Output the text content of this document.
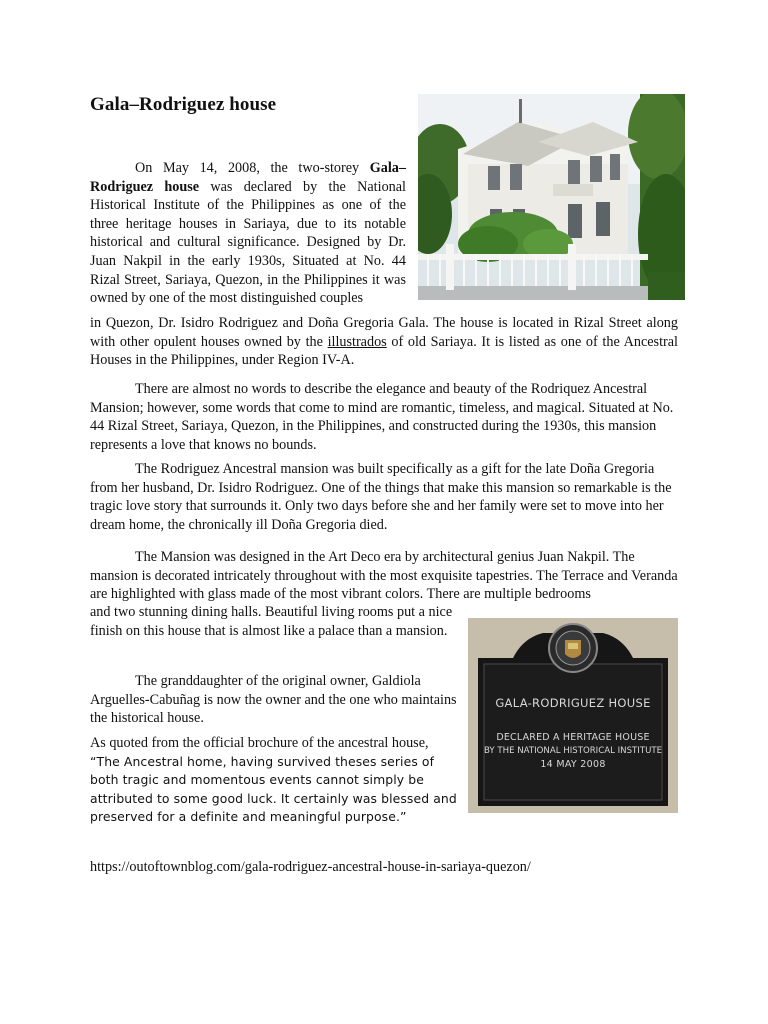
Gala–Rodriguez house

On May 14, 2008, the two-storey Gala–Rodriguez house was declared by the National Historical Institute of the Philippines as one of the three heritage houses in Sariaya, due to its notable historical and cultural significance. Designed by Dr. Juan Nakpil in the early 1930s, Situated at No. 44 Rizal Street, Sariaya, Quezon, in the Philippines it was owned by one of the most distinguished couples

in Quezon, Dr. Isidro Rodriguez and Doña Gregoria Gala. The house is located in Rizal Street along with other opulent houses owned by the illustrados of old Sariaya. It is listed as one of the Ancestral Houses in the Philippines, under Region IV-A.

There are almost no words to describe the elegance and beauty of the Rodriquez Ancestral Mansion; however, some words that come to mind are romantic, timeless, and magical. Situated at No. 44 Rizal Street, Sariaya, Quezon, in the Philippines, and constructed during the 1930s, this mansion represents a love that knows no bounds.

The Rodriguez Ancestral mansion was built specifically as a gift for the late Doña Gregoria from her husband, Dr. Isidro Rodriguez. One of the things that make this mansion so remarkable is the tragic love story that surrounds it. Only two days before she and her family were set to move into her dream home, the chronically ill Doña Gregoria died.

The Mansion was designed in the Art Deco era by architectural genius Juan Nakpil. The mansion is decorated intricately throughout with the most exquisite tapestries. The Terrace and Veranda are highlighted with glass made of the most vibrant colors. There are multiple bedrooms

and two stunning dining halls. Beautiful living rooms put a nice finish on this house that is almost like a palace than a mansion.

The granddaughter of the original owner, Galdiola Arguelles-Cabuñag is now the owner and the one who maintains the historical house.

As quoted from the official brochure of the ancestral house,
“The Ancestral home, having survived theses series of both tragic and momentous events cannot simply be attributed to some good luck. It certainly was blessed and preserved for a definite and meaningful purpose.”

GALA-RODRIGUEZ HOUSE
DECLARED A HERITAGE HOUSE
BY THE NATIONAL HISTORICAL INSTITUTE
14 MAY 2008

https://outoftownblog.com/gala-rodriguez-ancestral-house-in-sariaya-quezon/
